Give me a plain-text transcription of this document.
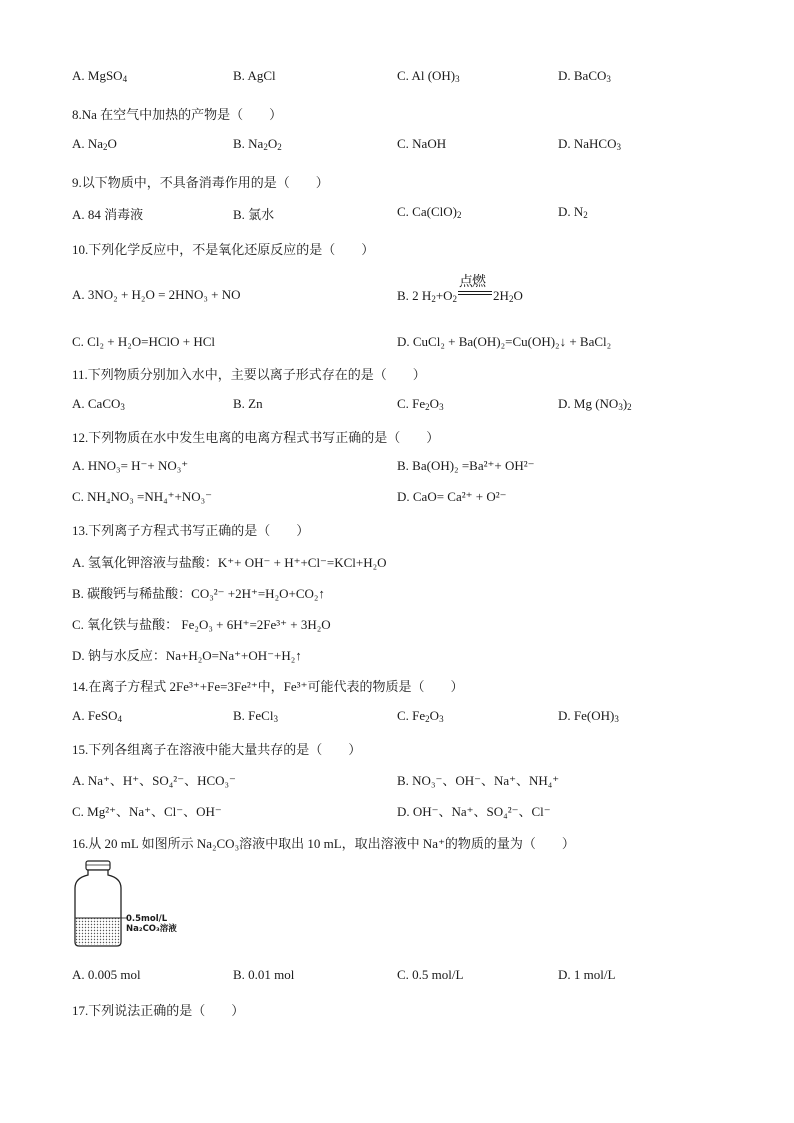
A. MgSO$_4$	B. AgCl	C. Al $(OH)_3$	D. BaCO$_3$
8.Na 在空气中加热的产物是（　　）
A. $Na_2O$	B. $Na_2O_2$	C. NaOH	D. NaHCO$_3$
9.以下物质中，不具备消毒作用的是（　　）
A. 84 消毒液	B. 氯水	C. $Ca(ClO)_2$	D. $N_2$
10.下列化学反应中，不是氧化还原反应的是（　　）
A. 3NO₂ + H₂O = 2HNO₃ + NO	B. 2 $H_2+O_2$
点燃
$2H_2O$
C. Cl₂ + H₂O=HClO + HCl	D. CuCl₂ + Ba(OH)₂=Cu(OH)₂↓ + BaCl₂
11.下列物质分别加入水中，主要以离子形式存在的是（　　）
A. CaCO$_3$	B. Zn	C. $Fe_2O_3$	D. Mg $(NO_3)_2$
12.下列物质在水中发生电离的电离方程式书写正确的是（　　）
A. HNO₃= H⁻+ NO₃⁺	B. Ba(OH)₂ =Ba²⁺+ OH²⁻
C. NH₄NO₃ =NH₄⁺+NO₃⁻	D. CaO= Ca²⁺ + O²⁻
13.下列离子方程式书写正确的是（　　）
A. 氢氧化钾溶液与盐酸：K⁺+ OH⁻ + H⁺+Cl⁻=KCl+H₂O
B. 碳酸钙与稀盐酸：CO₃²⁻ +2H⁺=H₂O+CO₂↑
C. 氧化铁与盐酸： Fe₂O₃ + 6H⁺=2Fe³⁺ + 3H₂O
D. 钠与水反应：Na+H₂O=Na⁺+OH⁻+H₂↑
14.在离子方程式 2Fe³⁺+Fe=3Fe²⁺中，Fe³⁺可能代表的物质是（　　）
A. FeSO$_4$	B. FeCl$_3$	C. $Fe_2O_3$	D. $Fe(OH)_3$
15.下列各组离子在溶液中能大量共存的是（　　）
A. Na⁺、H⁺、SO₄²⁻、HCO₃⁻	B. NO₃⁻、OH⁻、Na⁺、NH₄⁺
C. Mg²⁺、Na⁺、Cl⁻、OH⁻	D. OH⁻、Na⁺、SO₄²⁻、Cl⁻
16.从 20 mL 如图所示 Na₂CO₃溶液中取出 10 mL，取出溶液中 Na⁺的物质的量为（　　）
0.5mol/L
Na₂CO₃溶液
A. 0.005 mol	B. 0.01 mol	C. 0.5 mol/L	D. 1 mol/L
17.下列说法正确的是（　　）
